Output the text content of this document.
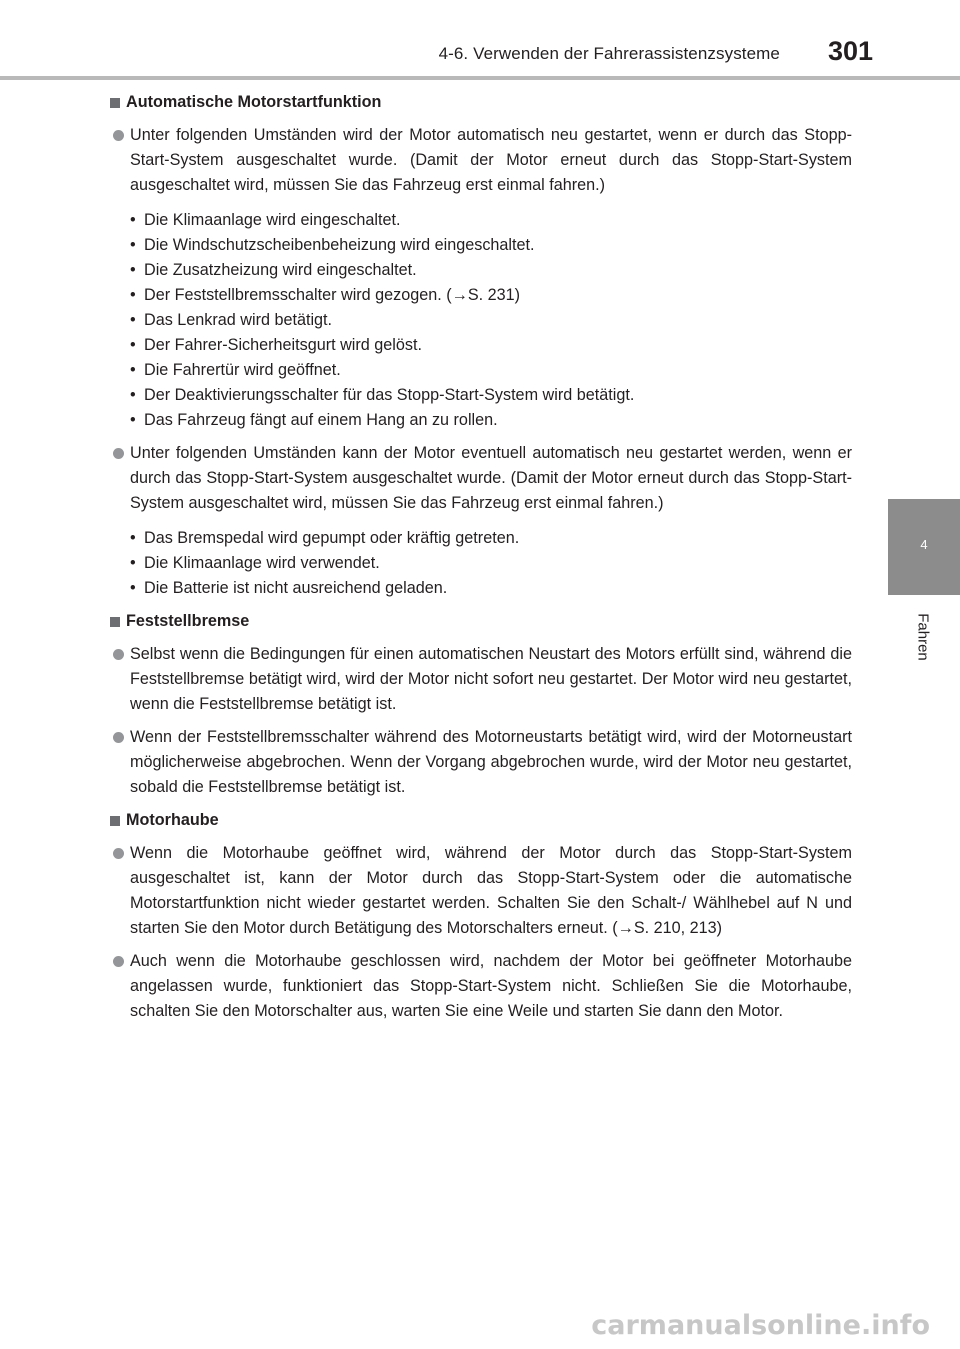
4-6. Verwenden der Fahrerassistenzsysteme 301
4
Fahren

Automatische Motorstartfunktion

Unter folgenden Umständen wird der Motor automatisch neu gestartet, wenn er durch das Stopp-Start-System ausgeschaltet wurde. (Damit der Motor erneut durch das Stopp-Start-System ausgeschaltet wird, müssen Sie das Fahrzeug erst einmal fahren.)
• Die Klimaanlage wird eingeschaltet.
• Die Windschutzscheibenbeheizung wird eingeschaltet.
• Die Zusatzheizung wird eingeschaltet.
• Der Feststellbremsschalter wird gezogen. (→S. 231)
• Das Lenkrad wird betätigt.
• Der Fahrer-Sicherheitsgurt wird gelöst.
• Die Fahrertür wird geöffnet.
• Der Deaktivierungsschalter für das Stopp-Start-System wird betätigt.
• Das Fahrzeug fängt auf einem Hang an zu rollen.
Unter folgenden Umständen kann der Motor eventuell automatisch neu gestartet werden, wenn er durch das Stopp-Start-System ausgeschaltet wurde. (Damit der Motor erneut durch das Stopp-Start-System ausgeschaltet wird, müssen Sie das Fahrzeug erst einmal fahren.)
• Das Bremspedal wird gepumpt oder kräftig getreten.
• Die Klimaanlage wird verwendet.
• Die Batterie ist nicht ausreichend geladen.

Feststellbremse

Selbst wenn die Bedingungen für einen automatischen Neustart des Motors erfüllt sind, während die Feststellbremse betätigt wird, wird der Motor nicht sofort neu gestartet. Der Motor wird neu gestartet, wenn die Feststellbremse betätigt ist.
Wenn der Feststellbremsschalter während des Motorneustarts betätigt wird, wird der Motorneustart möglicherweise abgebrochen. Wenn der Vorgang abgebrochen wurde, wird der Motor neu gestartet, sobald die Feststellbremse betätigt ist.

Motorhaube

Wenn die Motorhaube geöffnet wird, während der Motor durch das Stopp-Start-System ausgeschaltet ist, kann der Motor durch das Stopp-Start-System oder die automatische Motorstartfunktion nicht wieder gestartet werden. Schalten Sie den Schalt-/ Wählhebel auf N und starten Sie den Motor durch Betätigung des Motorschalters erneut. (→S. 210, 213)
Auch wenn die Motorhaube geschlossen wird, nachdem der Motor bei geöffneter Motorhaube angelassen wurde, funktioniert das Stopp-Start-System nicht. Schließen Sie die Motorhaube, schalten Sie den Motorschalter aus, warten Sie eine Weile und starten Sie dann den Motor.
carmanualsonline.info
